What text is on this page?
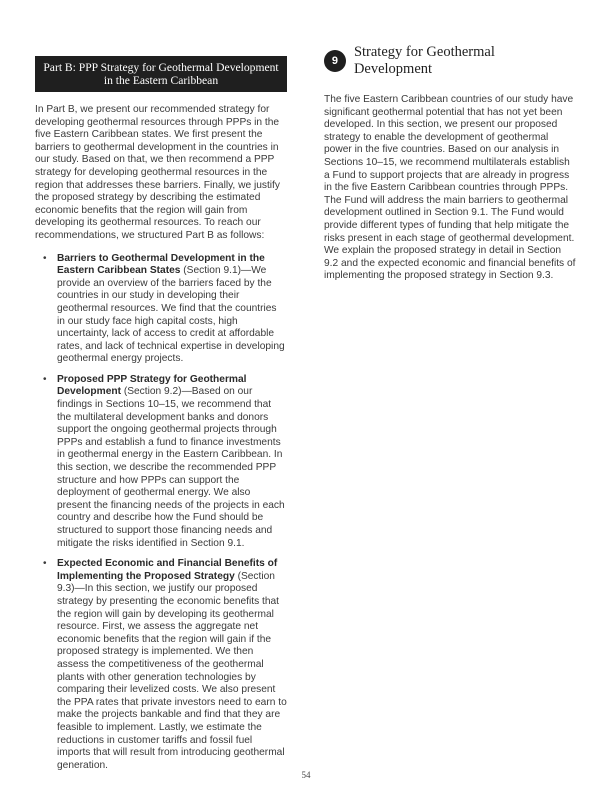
Part B: PPP Strategy for Geothermal Development
in the Eastern Caribbean

In Part B, we present our recommended strategy for developing geothermal resources through PPPs in the five Eastern Caribbean states. We first present the barriers to geothermal development in the countries in our study. Based on that, we then recommend a PPP strategy for developing geothermal resources in the region that addresses these barriers. Finally, we justify the proposed strategy by describing the estimated economic benefits that the region will gain from developing its geothermal resources. To reach our recommendations, we structured Part B as follows:

• Barriers to Geothermal Development in the Eastern Caribbean States (Section 9.1)—We provide an overview of the barriers faced by the countries in our study in developing their geothermal resources. We find that the countries in our study face high capital costs, high uncertainty, lack of access to credit at affordable rates, and lack of technical expertise in developing geothermal energy projects.
• Proposed PPP Strategy for Geothermal Development (Section 9.2)—Based on our findings in Sections 10–15, we recommend that the multilateral development banks and donors support the ongoing geothermal projects through PPPs and establish a fund to finance investments in geothermal energy in the Eastern Caribbean. In this section, we describe the recommended PPP structure and how PPPs can support the deployment of geothermal energy. We also present the financing needs of the projects in each country and describe how the Fund should be structured to support those financing needs and mitigate the risks identified in Section 9.1.
• Expected Economic and Financial Benefits of Implementing the Proposed Strategy (Section 9.3)—In this section, we justify our proposed strategy by presenting the economic benefits that the region will gain by developing its geothermal resource. First, we assess the aggregate net economic benefits that the region will gain if the proposed strategy is implemented. We then assess the competitiveness of the geothermal plants with other generation technologies by comparing their levelized costs. We also present the PPA rates that private investors need to earn to make the projects bankable and find that they are feasible to implement. Lastly, we estimate the reductions in customer tariffs and fossil fuel imports that will result from introducing geothermal generation.
9
Strategy for Geothermal Development

The five Eastern Caribbean countries of our study have significant geothermal potential that has not yet been developed. In this section, we present our proposed strategy to enable the development of geothermal power in the five countries. Based on our analysis in Sections 10–15, we recommend multilaterals establish a Fund to support projects that are already in progress in the five Eastern Caribbean countries through PPPs. The Fund will address the main barriers to geothermal development outlined in Section 9.1. The Fund would provide different types of funding that help mitigate the risks present in each stage of geothermal development. We explain the proposed strategy in detail in Section 9.2 and the expected economic and financial benefits of implementing the proposed strategy in Section 9.3.

54
